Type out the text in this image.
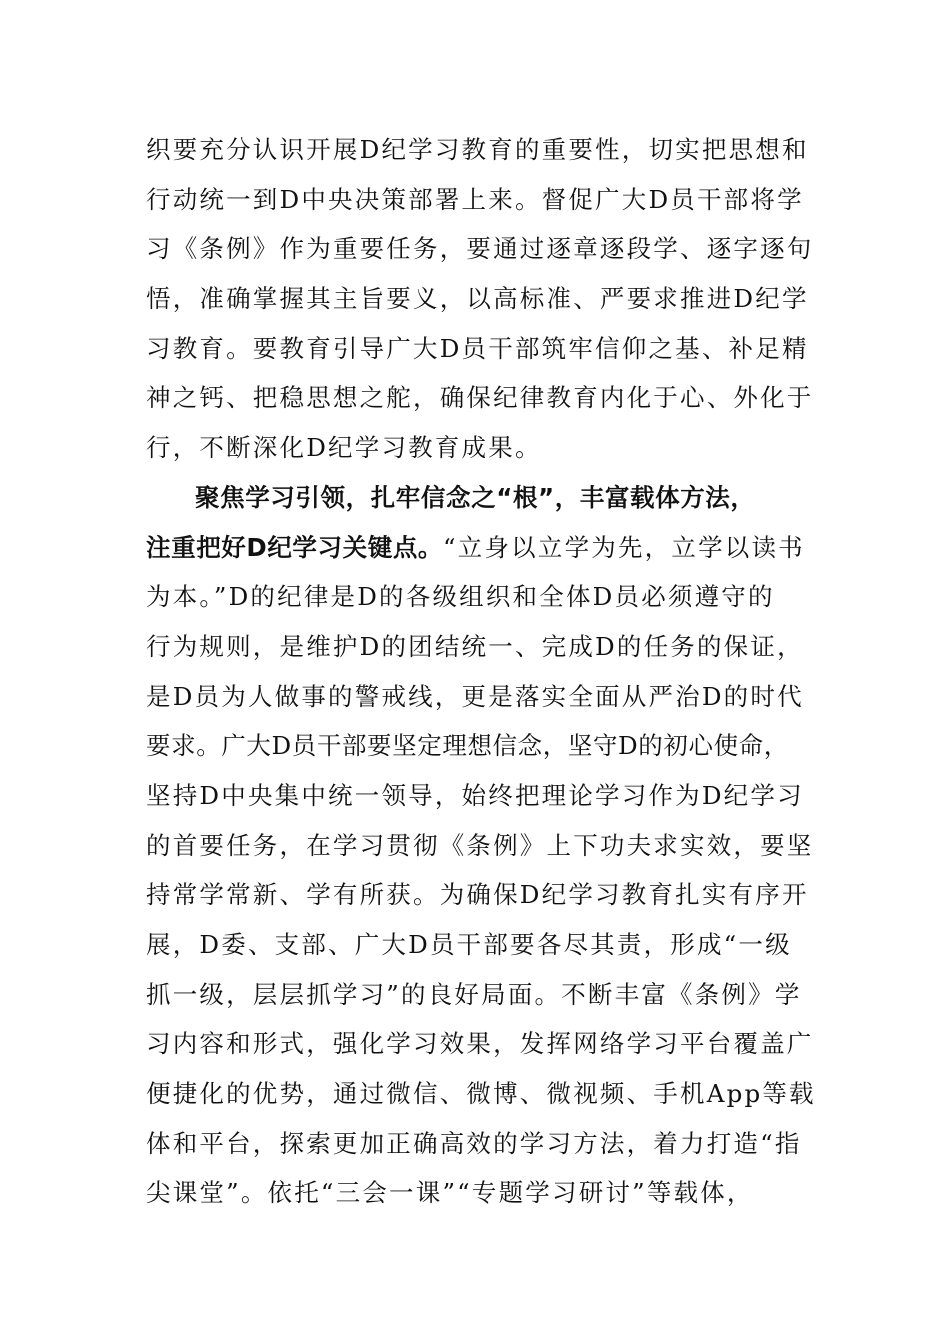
织要充分认识开展D纪学习教育的重要性，切实把思想和
行动统一到D中央决策部署上来。督促广大D员干部将学
习《条例》作为重要任务，要通过逐章逐段学、逐字逐句
悟，准确掌握其主旨要义，以高标准、严要求推进D纪学
习教育。要教育引导广大D员干部筑牢信仰之基、补足精
神之钙、把稳思想之舵，确保纪律教育内化于心、外化于
行，不断深化D纪学习教育成果。
聚焦学习引领，扎牢信念之“根”，丰富载体方法，
注重把好D纪学习关键点。“立身以立学为先，立学以读书
为本。”D的纪律是D的各级组织和全体D员必须遵守的
行为规则，是维护D的团结统一、完成D的任务的保证，
是D员为人做事的警戒线，更是落实全面从严治D的时代
要求。广大D员干部要坚定理想信念，坚守D的初心使命，
坚持D中央集中统一领导，始终把理论学习作为D纪学习
的首要任务，在学习贯彻《条例》上下功夫求实效，要坚
持常学常新、学有所获。为确保D纪学习教育扎实有序开
展，D委、支部、广大D员干部要各尽其责，形成“一级
抓一级，层层抓学习”的良好局面。不断丰富《条例》学
习内容和形式，强化学习效果，发挥网络学习平台覆盖广
便捷化的优势，通过微信、微博、微视频、手机App等载
体和平台，探索更加正确高效的学习方法，着力打造“指
尖课堂”。依托“三会一课”“专题学习研讨”等载体，
